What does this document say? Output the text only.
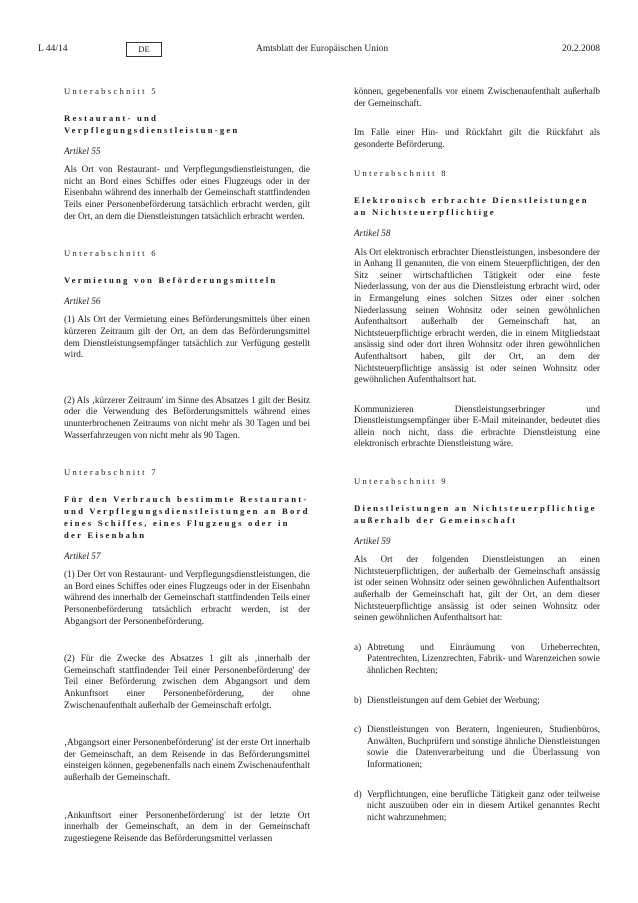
L 44/14	DE	Amtsblatt der Europäischen Union	20.2.2008

Unterabschnitt 5

Restaurant- und Verpflegungsdienstleistun-gen

Artikel 55

Als Ort von Restaurant- und Verpflegungsdienstleistungen, die nicht an Bord eines Schiffes oder eines Flugzeugs oder in der Eisenbahn während des innerhalb der Gemeinschaft stattfindenden Teils einer Personenbeförderung tatsächlich erbracht werden, gilt der Ort, an dem die Dienstleistungen tatsächlich erbracht werden.

Unterabschnitt 6

Vermietung von Beförderungsmitteln

Artikel 56

(1) Als Ort der Vermietung eines Beförderungsmittels über einen kürzeren Zeitraum gilt der Ort, an dem das Beförderungsmittel dem Dienstleistungsempfänger tatsächlich zur Verfügung gestellt wird.

(2) Als ‚kürzerer Zeitraum' im Sinne des Absatzes 1 gilt der Besitz oder die Verwendung des Beförderungsmittels während eines ununterbrochenen Zeitraums von nicht mehr als 30 Tagen und bei Wasserfahrzeugen von nicht mehr als 90 Tagen.

Unterabschnitt 7

Für den Verbrauch bestimmte Restaurant- und Verpflegungsdienstleistungen an Bord eines Schiffes, eines Flugzeugs oder in der Eisenbahn

Artikel 57

(1) Der Ort von Restaurant- und Verpflegungsdienstleistungen, die an Bord eines Schiffes oder eines Flugzeugs oder in der Eisenbahn während des innerhalb der Gemeinschaft stattfindenden Teils einer Personenbeförderung tatsächlich erbracht werden, ist der Abgangsort der Personenbeförderung.

(2) Für die Zwecke des Absatzes 1 gilt als ‚innerhalb der Gemeinschaft stattfindender Teil einer Personenbeförderung' der Teil einer Beförderung zwischen dem Abgangsort und dem Ankunftsort einer Personenbeförderung, der ohne Zwischenaufenthalt außerhalb der Gemeinschaft erfolgt.

‚Abgangsort einer Personenbeförderung' ist der erste Ort innerhalb der Gemeinschaft, an dem Reisende in das Beförderungsmittel einsteigen können, gegebenenfalls nach einem Zwischenaufenthalt außerhalb der Gemeinschaft.

‚Ankunftsort einer Personenbeförderung' ist der letzte Ort innerhalb der Gemeinschaft, an dem in der Gemeinschaft zugestiegene Reisende das Beförderungsmittel verlassen

können, gegebenenfalls vor einem Zwischenaufenthalt außerhalb der Gemeinschaft.

Im Falle einer Hin- und Rückfahrt gilt die Rückfahrt als gesonderte Beförderung.

Unterabschnitt 8

Elektronisch erbrachte Dienstleistungen an Nichtsteuerpflichtige

Artikel 58

Als Ort elektronisch erbrachter Dienstleistungen, insbesondere der in Anhang II genannten, die von einem Steuerpflichtigen, der den Sitz seiner wirtschaftlichen Tätigkeit oder eine feste Niederlassung, von der aus die Dienstleistung erbracht wird, oder in Ermangelung eines solchen Sitzes oder einer solchen Niederlassung seinen Wohnsitz oder seinen gewöhnlichen Aufenthaltsort außerhalb der Gemeinschaft hat, an Nichtsteuerpflichtige erbracht werden, die in einem Mitgliedstaat ansässig sind oder dort ihren Wohnsitz oder ihren gewöhnlichen Aufenthaltsort haben, gilt der Ort, an dem der Nichtsteuerpflichtige ansässig ist oder seinen Wohnsitz oder gewöhnlichen Aufenthaltsort hat.

Kommunizieren Dienstleistungserbringer und Dienstleistungsempfänger über E-Mail miteinander, bedeutet dies allein noch nicht, dass die erbrachte Dienstleistung eine elektronisch erbrachte Dienstleistung wäre.

Unterabschnitt 9

Dienstleistungen an Nichtsteuerpflichtige außerhalb der Gemeinschaft

Artikel 59

Als Ort der folgenden Dienstleistungen an einen Nichtsteuerpflichtigen, der außerhalb der Gemeinschaft ansässig ist oder seinen Wohnsitz oder seinen gewöhnlichen Aufenthaltsort außerhalb der Gemeinschaft hat, gilt der Ort, an dem dieser Nichtsteuerpflichtige ansässig ist oder seinen Wohnsitz oder seinen gewöhnlichen Aufenthaltsort hat:

a) Abtretung und Einräumung von Urheberrechten, Patentrechten, Lizenzrechten, Fabrik- und Warenzeichen sowie ähnlichen Rechten;
b) Dienstleistungen auf dem Gebiet der Werbung;
c) Dienstleistungen von Beratern, Ingenieuren, Studienbüros, Anwälten, Buchprüfern und sonstige ähnliche Dienstleistungen sowie die Datenverarbeitung und die Überlassung von Informationen;
d) Verpflichtungen, eine berufliche Tätigkeit ganz oder teilweise nicht auszuüben oder ein in diesem Artikel genanntes Recht nicht wahrzunehmen;
